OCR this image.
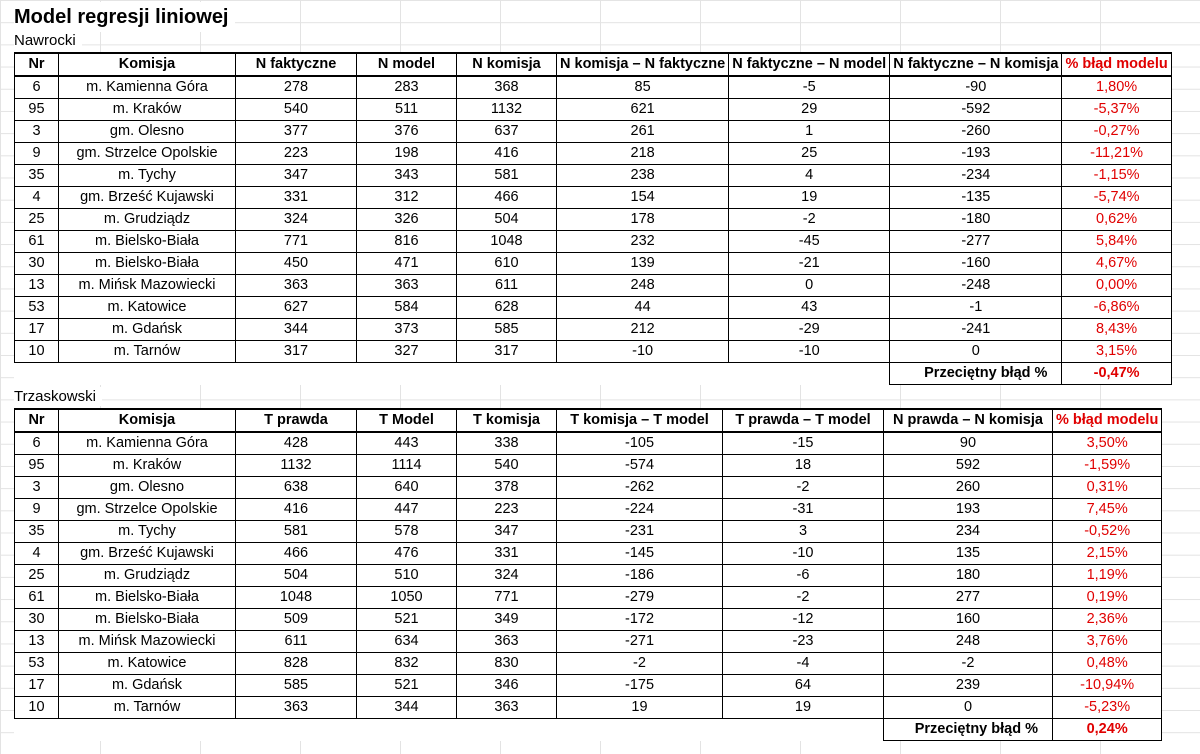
Model regresji liniowej
Nawrocki
Nr	Komisja	N faktyczne	N model	N komisja	N komisja – N faktyczne	N faktyczne – N model	N faktyczne – N komisja	% błąd modelu
6	m. Kamienna Góra	278	283	368	85	-5	-90	1,80%
95	m. Kraków	540	511	1132	621	29	-592	-5,37%
3	gm. Olesno	377	376	637	261	1	-260	-0,27%
9	gm. Strzelce Opolskie	223	198	416	218	25	-193	-11,21%
35	m. Tychy	347	343	581	238	4	-234	-1,15%
4	gm. Brześć Kujawski	331	312	466	154	19	-135	-5,74%
25	m. Grudziądz	324	326	504	178	-2	-180	0,62%
61	m. Bielsko-Biała	771	816	1048	232	-45	-277	5,84%
30	m. Bielsko-Biała	450	471	610	139	-21	-160	4,67%
13	m. Mińsk Mazowiecki	363	363	611	248	0	-248	0,00%
53	m. Katowice	627	584	628	44	43	-1	-6,86%
17	m. Gdańsk	344	373	585	212	-29	-241	8,43%
10	m. Tarnów	317	327	317	-10	-10	0	3,15%
							Przeciętny błąd %	-0,47%
Trzaskowski
Nr	Komisja	T prawda	T Model	T komisja	T komisja – T model	T prawda – T model	N prawda – N komisja	% błąd modelu
6	m. Kamienna Góra	428	443	338	-105	-15	90	3,50%
95	m. Kraków	1132	1114	540	-574	18	592	-1,59%
3	gm. Olesno	638	640	378	-262	-2	260	0,31%
9	gm. Strzelce Opolskie	416	447	223	-224	-31	193	7,45%
35	m. Tychy	581	578	347	-231	3	234	-0,52%
4	gm. Brześć Kujawski	466	476	331	-145	-10	135	2,15%
25	m. Grudziądz	504	510	324	-186	-6	180	1,19%
61	m. Bielsko-Biała	1048	1050	771	-279	-2	277	0,19%
30	m. Bielsko-Biała	509	521	349	-172	-12	160	2,36%
13	m. Mińsk Mazowiecki	611	634	363	-271	-23	248	3,76%
53	m. Katowice	828	832	830	-2	-4	-2	0,48%
17	m. Gdańsk	585	521	346	-175	64	239	-10,94%
10	m. Tarnów	363	344	363	19	19	0	-5,23%
							Przeciętny błąd %	0,24%
